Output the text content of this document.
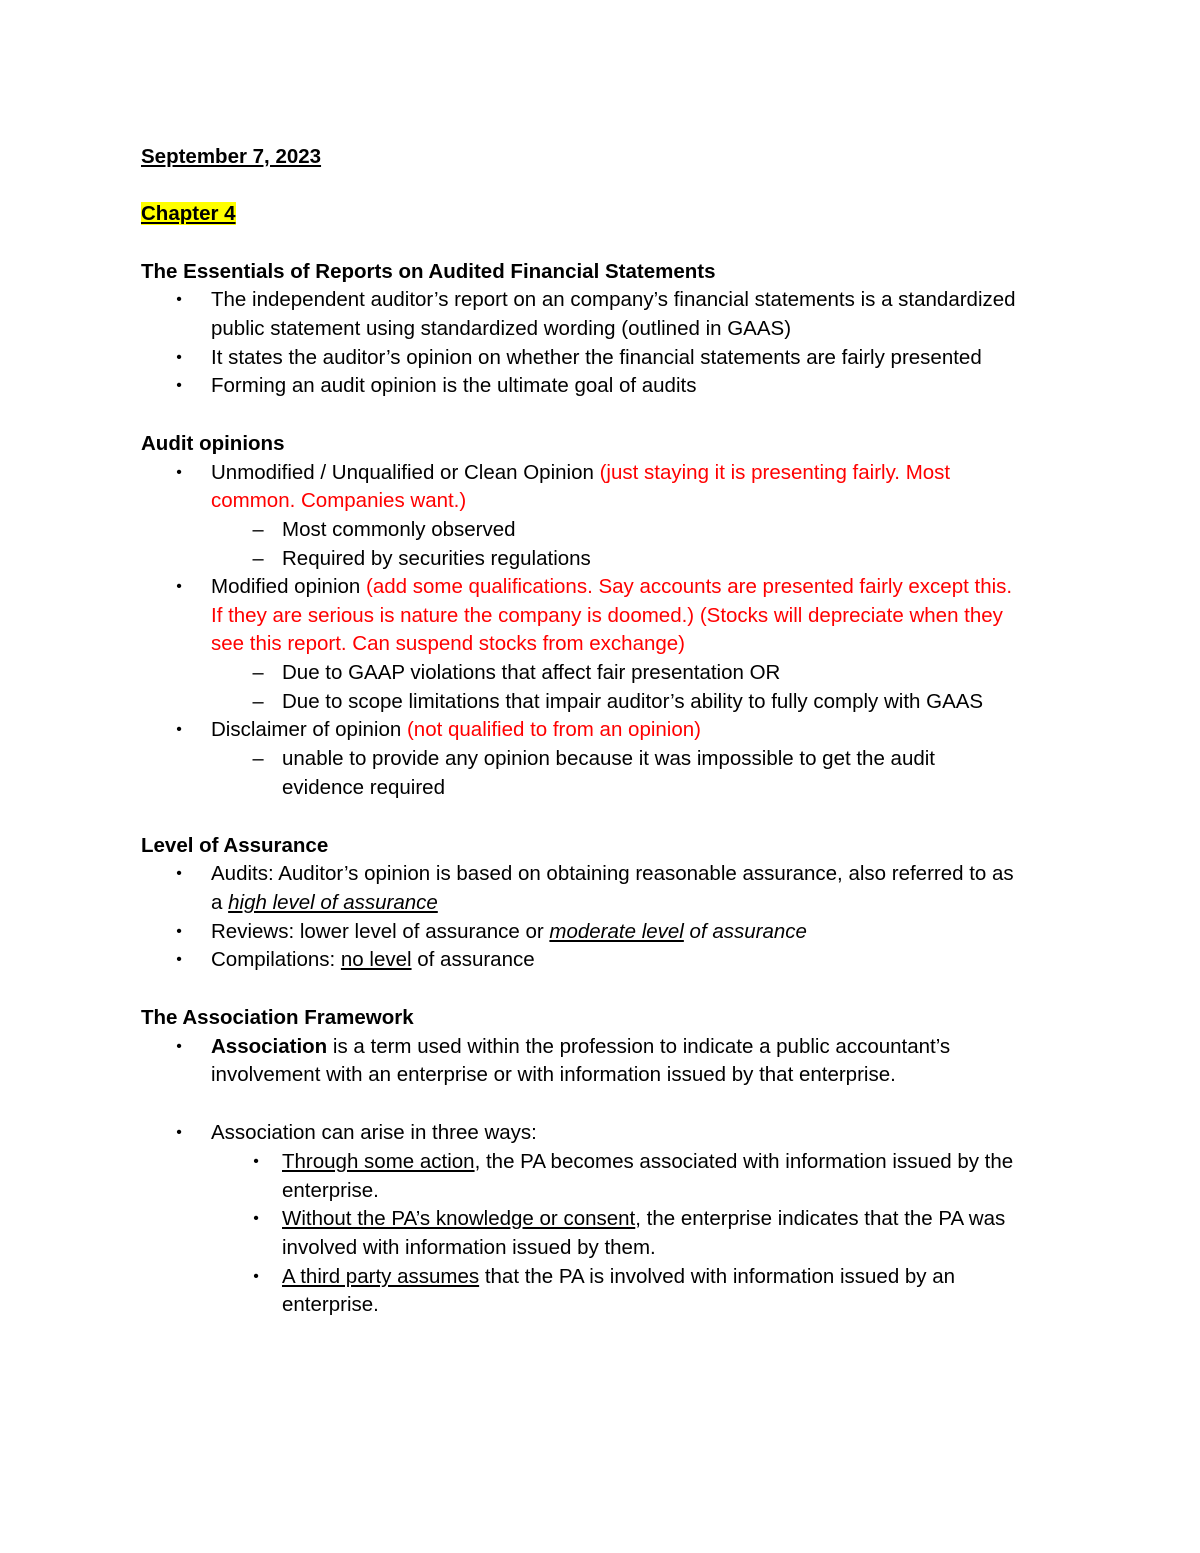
September 7, 2023
Chapter 4
The Essentials of Reports on Audited Financial Statements
• The independent auditor’s report on an company’s financial statements is a standardized
public statement using standardized wording (outlined in GAAS)
• It states the auditor’s opinion on whether the financial statements are fairly presented
• Forming an audit opinion is the ultimate goal of audits
Audit opinions
• Unmodified / Unqualified or Clean Opinion (just staying it is presenting fairly. Most
common. Companies want.)
– Most commonly observed
– Required by securities regulations
• Modified opinion (add some qualifications. Say accounts are presented fairly except this.
If they are serious is nature the company is doomed.) (Stocks will depreciate when they
see this report. Can suspend stocks from exchange)
– Due to GAAP violations that affect fair presentation OR
– Due to scope limitations that impair auditor’s ability to fully comply with GAAS
• Disclaimer of opinion (not qualified to from an opinion)
– unable to provide any opinion because it was impossible to get the audit
evidence required
Level of Assurance
• Audits: Auditor’s opinion is based on obtaining reasonable assurance, also referred to as
a high level of assurance
• Reviews: lower level of assurance or moderate level of assurance
• Compilations: no level of assurance
The Association Framework
• Association is a term used within the profession to indicate a public accountant’s
involvement with an enterprise or with information issued by that enterprise.
• Association can arise in three ways:
• Through some action, the PA becomes associated with information issued by the
enterprise.
• Without the PA’s knowledge or consent, the enterprise indicates that the PA was
involved with information issued by them.
• A third party assumes that the PA is involved with information issued by an
enterprise.
